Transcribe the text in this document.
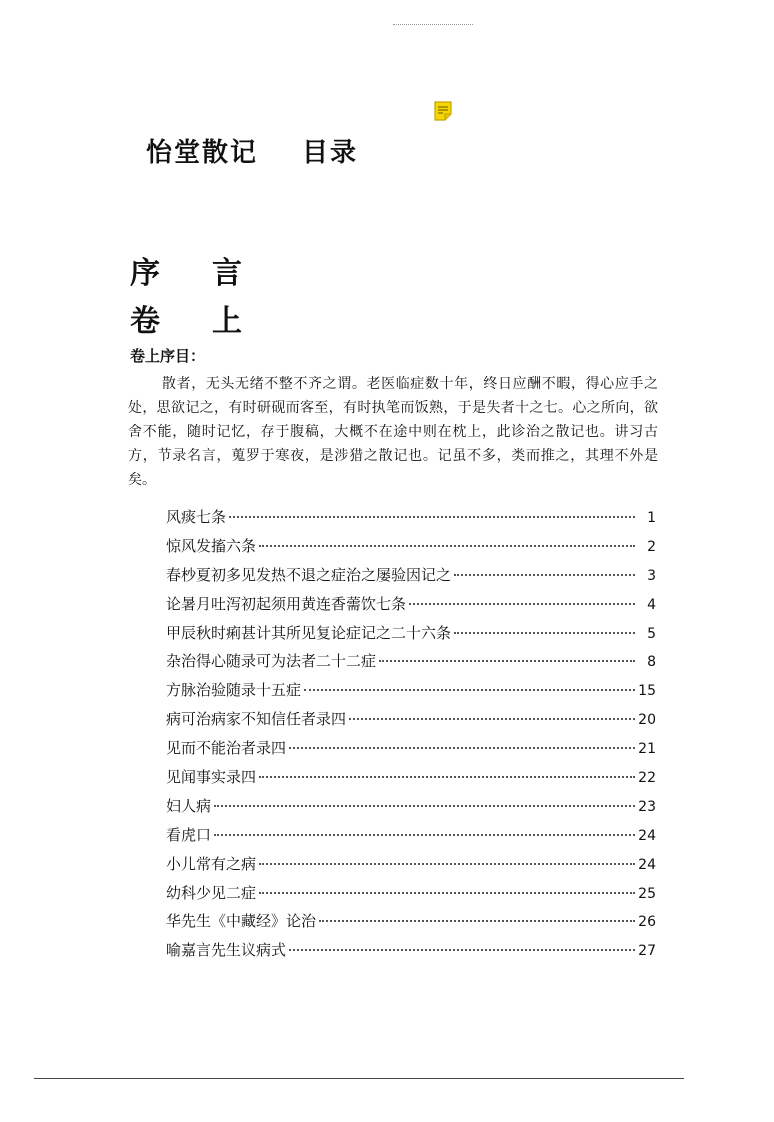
怡堂散记 目录
序 言
卷 上
卷上序目：

散者，无头无绪不整不齐之谓。老医临症数十年，终日应酬不暇，得心应手之处，思欲记之，有时研砚而客至，有时执笔而饭熟，于是失者十之七。心之所向，欲舍不能，随时记忆，存于腹稿，大概不在途中则在枕上，此诊治之散记也。讲习古方，节录名言，蒐罗于寒夜，是涉猎之散记也。记虽不多，类而推之，其理不外是矣。

风痰七条	1
惊风发搐六条	2
春杪夏初多见发热不退之症治之屡验因记之	3
论暑月吐泻初起须用黄连香薷饮七条	4
甲辰秋时痢甚计其所见复论症记之二十六条	5
杂治得心随录可为法者二十二症	8
方脉治验随录十五症	15
病可治病家不知信任者录四	20
见而不能治者录四	21
见闻事实录四	22
妇人病	23
看虎口	24
小儿常有之病	24
幼科少见二症	25
华先生《中藏经》论治	26
喻嘉言先生议病式	27
